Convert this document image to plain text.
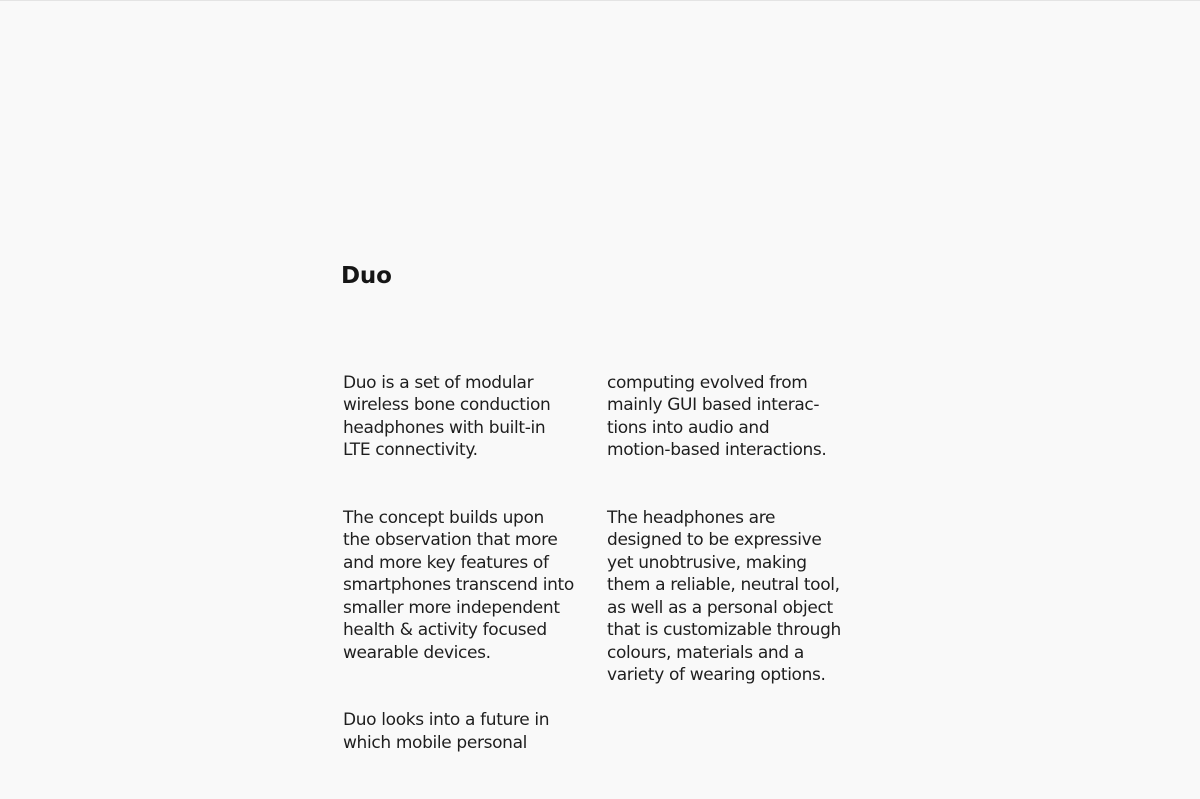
Duo

Duo is a set of modular
wireless bone conduction
headphones with built-in
LTE connectivity.

The concept builds upon
the observation that more
and more key features of
smartphones transcend into
smaller more independent
health & activity focused
wearable devices.

Duo looks into a future in
which mobile personal

computing evolved from
mainly GUI based interac-
tions into audio and
motion-based interactions.

The headphones are
designed to be expressive
yet unobtrusive, making
them a reliable, neutral tool,
as well as a personal object
that is customizable through
colours, materials and a
variety of wearing options.
